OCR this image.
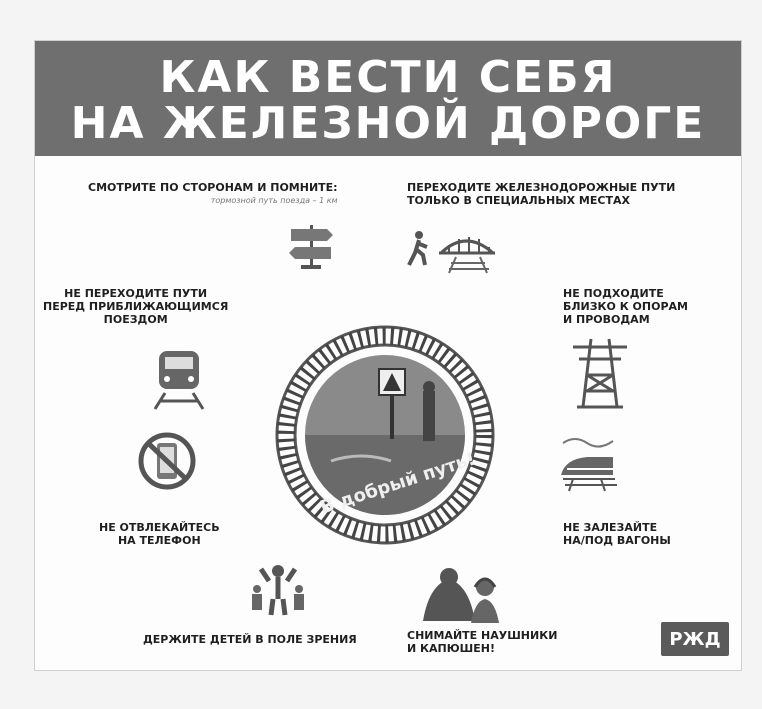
КАК ВЕСТИ СЕБЯ
НА ЖЕЛЕЗНОЙ ДОРОГЕ
СМОТРИТЕ ПО СТОРОНАМ И ПОМНИТЕ:
тормозной путь поезда – 1 км
ПЕРЕХОДИТЕ ЖЕЛЕЗНОДОРОЖНЫЕ ПУТИ
ТОЛЬКО В СПЕЦИАЛЬНЫХ МЕСТАХ
НЕ ПЕРЕХОДИТЕ ПУТИ
ПЕРЕД ПРИБЛИЖАЮЩИМСЯ
ПОЕЗДОМ
НЕ ПОДХОДИТЕ
БЛИЗКО К ОПОРАМ
И ПРОВОДАМ
НЕ ОТВЛЕКАЙТЕСЬ
НА ТЕЛЕФОН
НЕ ЗАЛЕЗАЙТЕ
НА/ПОД ВАГОНЫ
ДЕРЖИТЕ ДЕТЕЙ В ПОЛЕ ЗРЕНИЯ	СНИМАЙТЕ НАУШНИКИ
И КАПЮШЕН!
В добрый путь!
РЖД
